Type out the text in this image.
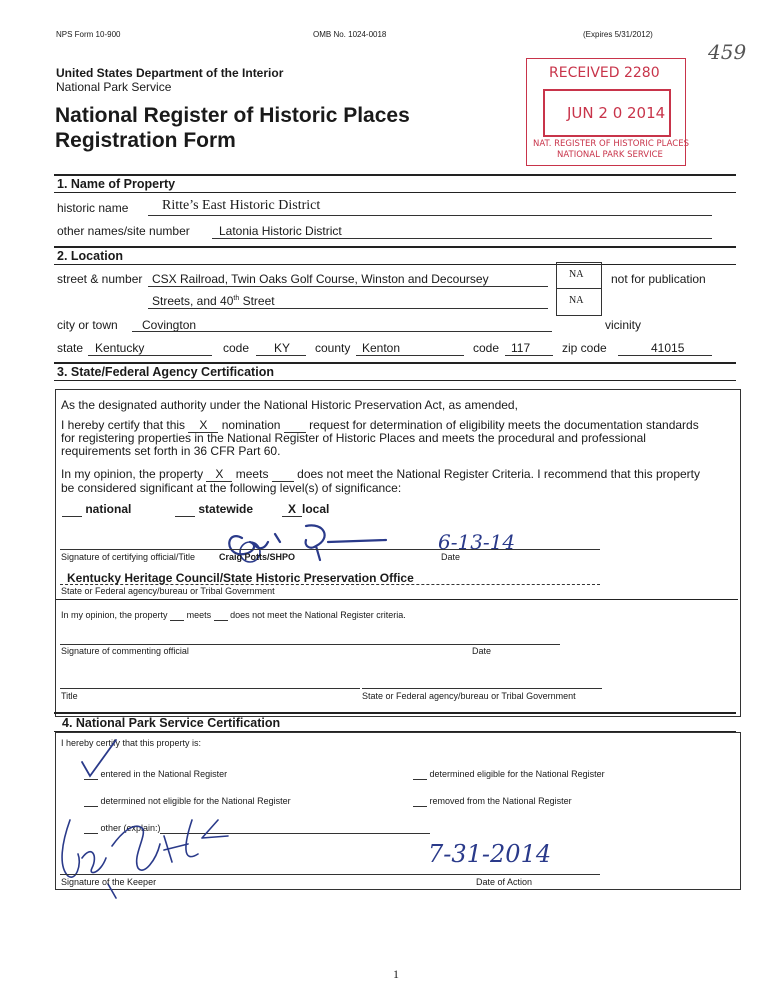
NPS Form 10-900	OMB No. 1024-0018	(Expires 5/31/2012)
459
United States Department of the Interior
National Park Service
National Register of Historic Places
Registration Form
RECEIVED 2280
JUN 2 0 2014
NAT. REGISTER OF HISTORIC PLACES
NATIONAL PARK SERVICE
1. Name of Property
historic name Ritte’s East Historic District
other names/site number Latonia Historic District
2. Location
street & number CSX Railroad, Twin Oaks Golf Course, Winston and Decoursey
Streets, and 40th Street
NA
NA
not for publication
vicinity
city or town Covington
state Kentucky	code KY county Kenton	code 117	zip code	41015
3. State/Federal Agency Certification
As the designated authority under the National Historic Preservation Act, as amended,
I hereby certify that this X nomination request for determination of eligibility meets the documentation standards
for registering properties in the National Register of Historic Places and meets the procedural and professional
requirements set forth in 36 CFR Part 60.
In my opinion, the property X meets does not meet the National Register Criteria. I recommend that this property
be considered significant at the following level(s) of significance:
national	statewide	X local
6-13-14
Signature of certifying official/Title	Craig Potts/SHPO	Date
Kentucky Heritage Council/State Historic Preservation Office
State or Federal agency/bureau or Tribal Government
In my opinion, the property meets does not meet the National Register criteria.
Signature of commenting official	Date
Title	State or Federal agency/bureau or Tribal Government
4. National Park Service Certification
I hereby certify that this property is:
entered in the National Register	determined eligible for the National Register
determined not eligible for the National Register	removed from the National Register
other (explain:)
7-31-2014
Signature of the Keeper	Date of Action
1
